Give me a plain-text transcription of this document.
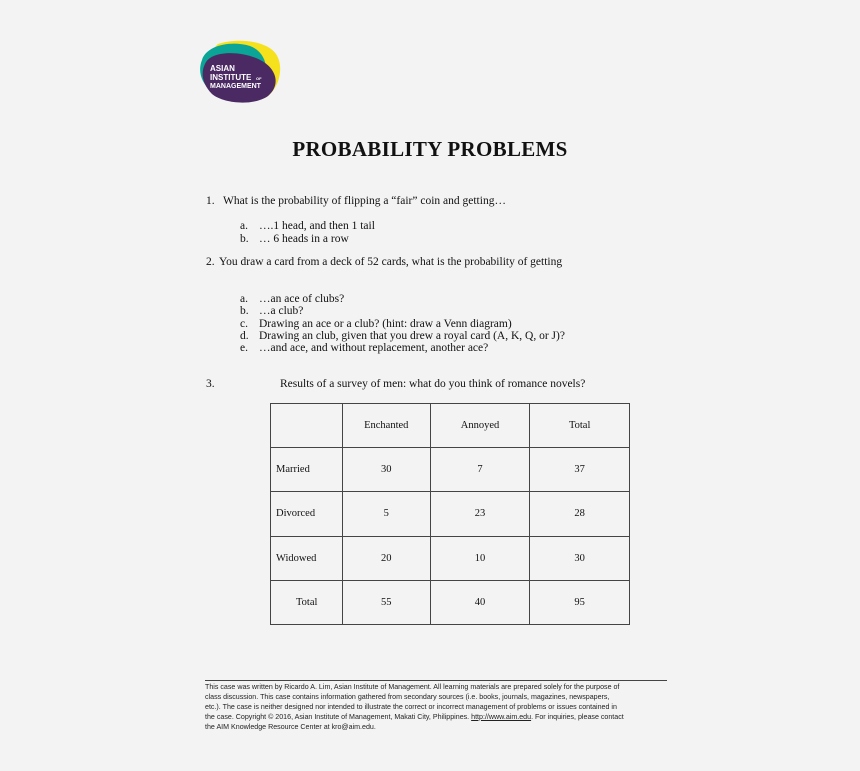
ASIAN
INSTITUTE OF
MANAGEMENT
PROBABILITY PROBLEMS
1. What is the probability of flipping a “fair” coin and getting…
a. ….1 head, and then 1 tail
b. … 6 heads in a row
2. You draw a card from a deck of 52 cards, what is the probability of getting
a. …an ace of clubs?
b. …a club?
c. Drawing an ace or a club? (hint: draw a Venn diagram)
d. Drawing an club, given that you drew a royal card (A, K, Q, or J)?
e. …and ace, and without replacement, another ace?
3.	Results of a survey of men: what do you think of romance novels?
	Enchanted	Annoyed	Total
Married	30	7	37
Divorced	5	23	28
Widowed	20	10	30
Total	55	40	95
This case was written by Ricardo A. Lim, Asian Institute of Management. All learning materials are prepared solely for the purpose of
class discussion. This case contains information gathered from secondary sources (i.e. books, journals, magazines, newspapers,
etc.). The case is neither designed nor intended to illustrate the correct or incorrect management of problems or issues contained in
the case. Copyright © 2016, Asian Institute of Management, Makati City, Philippines. http://www.aim.edu. For inquiries, please contact
the AIM Knowledge Resource Center at kro@aim.edu.
